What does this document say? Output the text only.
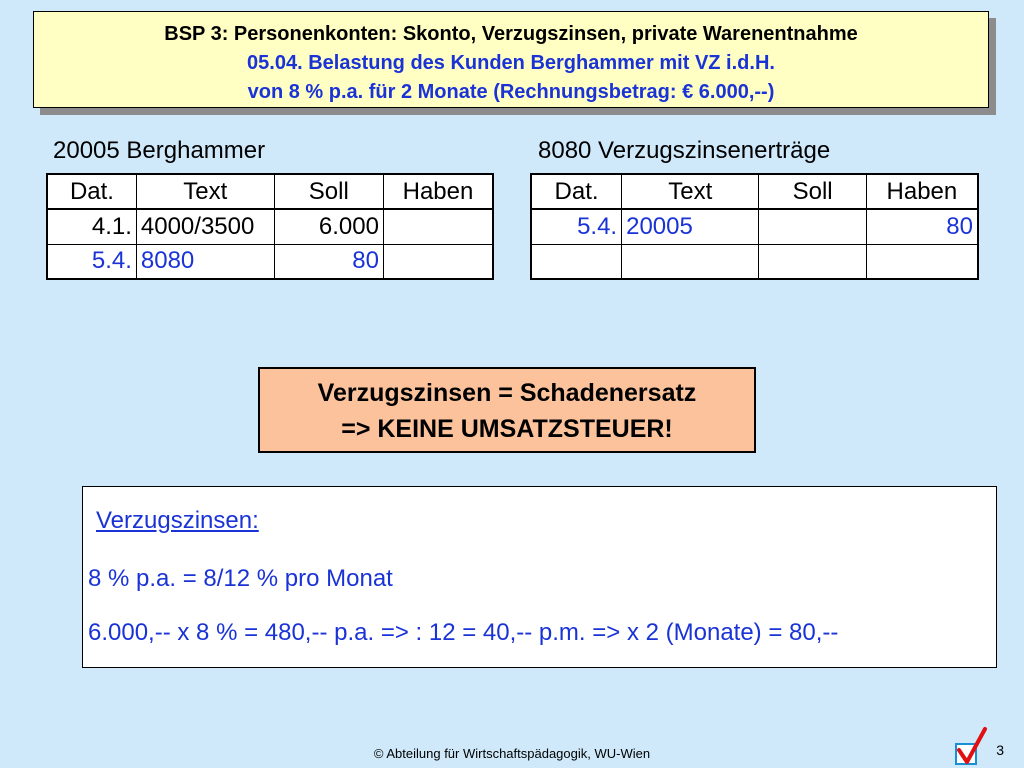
BSP 3: Personenkonten: Skonto, Verzugszinsen, private Warenentnahme
05.04. Belastung des Kunden Berghammer mit VZ i.d.H.
von 8 % p.a. für 2 Monate (Rechnungsbetrag: € 6.000,--)
20005 Berghammer
Dat.	Text	Soll	Haben
4.1.	4000/3500	6.000	
5.4.	8080	80	
8080 Verzugszinsenerträge
Dat.	Text	Soll	Haben
5.4.	20005		80

Verzugszinsen = Schadenersatz
=> KEINE UMSATZSTEUER!
Verzugszinsen:
8 % p.a. = 8/12 % pro Monat
6.000,-- x 8 % = 480,-- p.a. => : 12 = 40,-- p.m. => x 2 (Monate) = 80,--
© Abteilung für Wirtschaftspädagogik, WU-Wien	3
